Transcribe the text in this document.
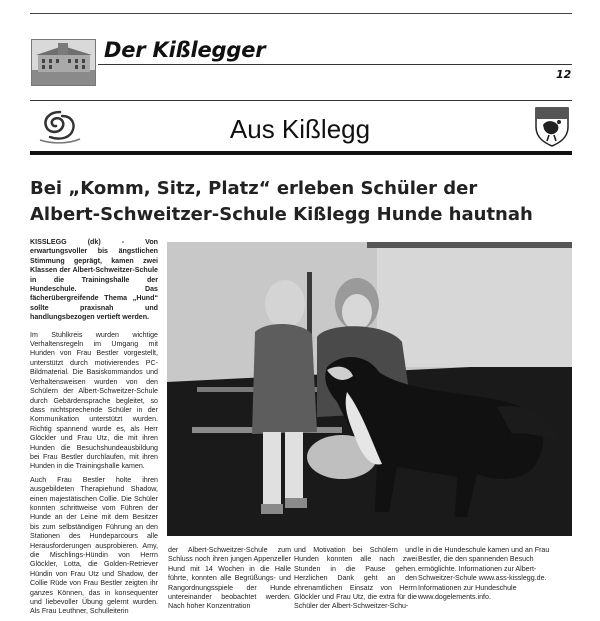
Der Kißlegger
12
Aus Kißlegg
Bei „Komm, Sitz, Platz“ erleben Schüler der
Albert-Schweitzer-Schule Kißlegg Hunde hautnah

KISSLEGG (dk) - Von erwartungsvoller bis ängstlichen Stimmung geprägt, kamen zwei Klassen der Albert-Schweitzer-Schule in die Trainingshalle der Hundeschule. Das fächerübergreifende Thema „Hund“ sollte praxisnah und handlungsbezogen vertieft werden.

Im Stuhlkreis wurden wichtige Verhaltensregeln im Umgang mit Hunden von Frau Bestler vorgestellt, unterstützt durch motivierendes PC-Bildmaterial. Die Basiskommandos und Verhaltensweisen wurden von den Schülern der Albert-Schweitzer-Schule durch Gebärdensprache begleitet, so dass nichtsprechende Schüler in der Kommunikation unterstützt wurden. Richtig spannend wurde es, als Herr Glöckler und Frau Utz, die mit ihren Hunden die Besuchshundeausbildung bei Frau Bestler durchlaufen, mit ihren Hunden in die Trainingshalle kamen.

Auch Frau Bestler holte ihren ausgebildeten Therapiehund Shadow, einen majestätischen Collie. Die Schüler konnten schrittweise vom Führen der Hunde an der Leine mit dem Besitzer bis zum selbständigen Führung an den Stationen des Hundeparcours alle Herausforderungen ausprobieren. Amy, die Mischlings-Hündin von Herrn Glöckler, Lotta, die Golden-Retriever Hündin von Frau Utz und Shadow, der Collie Rüde von Frau Bestler zeigten ihr ganzes Können, das in konsequenter und liebevoller Übung gelernt wurden. Als Frau Leuthner, Schulleiterin

der Albert-Schweitzer-Schule zum Schluss noch ihren jungen Appenzeller Hund mit 14 Wochen in die Halle führte, konnten alle Begrüßungs- und Rangordnungsspiele der Hunde untereinander beobachtet werden. Nach hoher Konzentration
und Motivation bei Schülern und Hunden konnten alle nach zwei Stunden in die Pause gehen. Herzlichen Dank geht an den ehrenamtlichen Einsatz von Herrn Glöckler und Frau Utz, die extra für die Schüler der Albert-Schweitzer-Schu-
le in die Hundeschule kamen und an Frau Bestler, die den spannenden Besuch ermöglichte. Informationen zur Albert-Schweitzer-Schule www.ass-kisslegg.de. Informationen zur Hundeschule www.dogelements.info.
